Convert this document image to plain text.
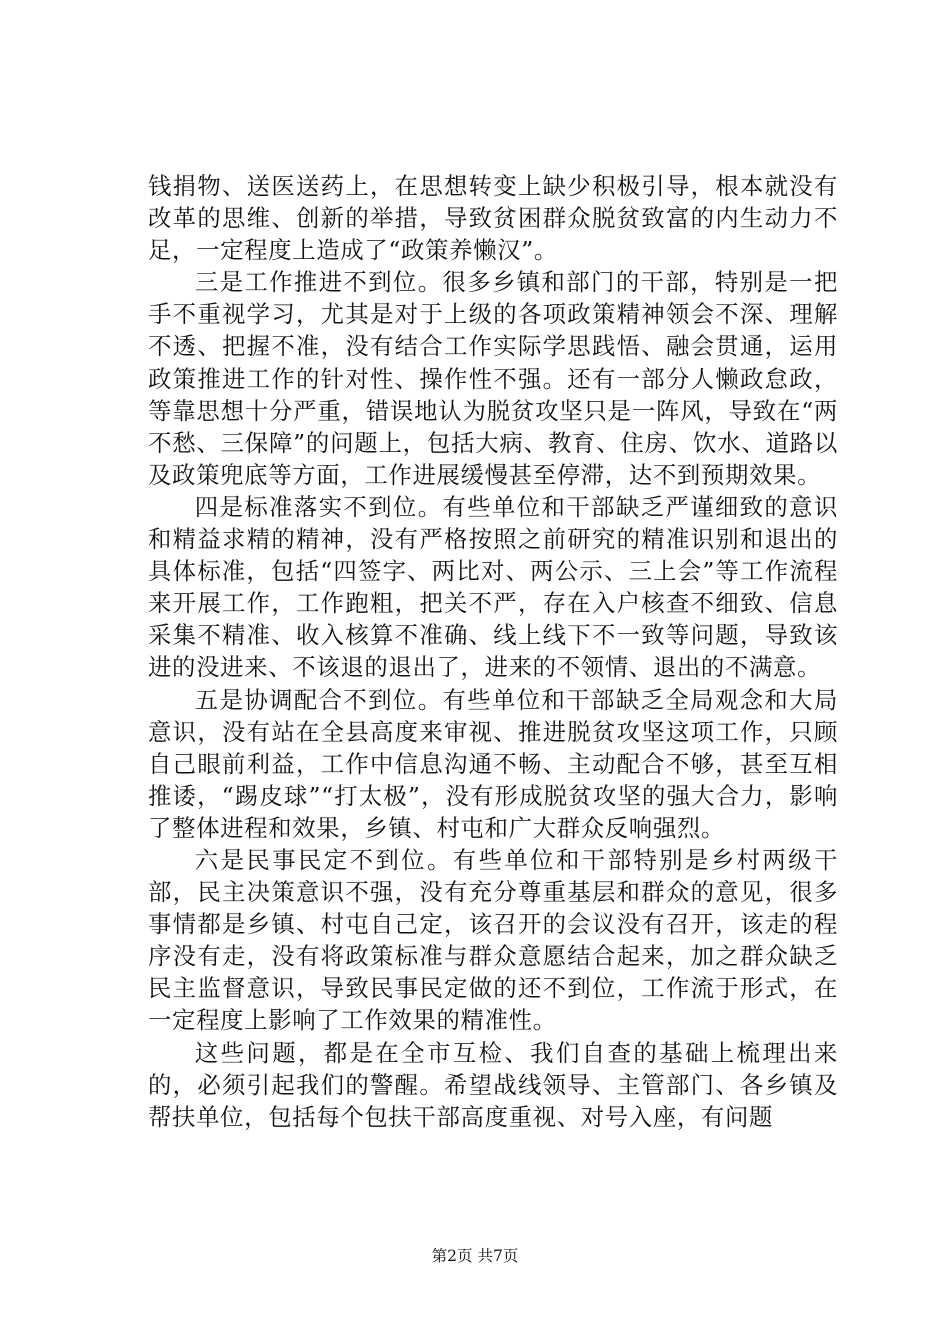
钱捐物、送医送药上，在思想转变上缺少积极引导，根本就没有改革的思维、创新的举措，导致贫困群众脱贫致富的内生动力不足，一定程度上造成了“政策养懒汉”。

三是工作推进不到位。很多乡镇和部门的干部，特别是一把手不重视学习，尤其是对于上级的各项政策精神领会不深、理解不透、把握不准，没有结合工作实际学思践悟、融会贯通，运用政策推进工作的针对性、操作性不强。还有一部分人懒政怠政，等靠思想十分严重，错误地认为脱贫攻坚只是一阵风，导致在“两不愁、三保障”的问题上，包括大病、教育、住房、饮水、道路以及政策兜底等方面，工作进展缓慢甚至停滞，达不到预期效果。

四是标准落实不到位。有些单位和干部缺乏严谨细致的意识和精益求精的精神，没有严格按照之前研究的精准识别和退出的具体标准，包括“四签字、两比对、两公示、三上会”等工作流程来开展工作，工作跑粗，把关不严，存在入户核查不细致、信息采集不精准、收入核算不准确、线上线下不一致等问题，导致该进的没进来、不该退的退出了，进来的不领情、退出的不满意。

五是协调配合不到位。有些单位和干部缺乏全局观念和大局意识，没有站在全县高度来审视、推进脱贫攻坚这项工作，只顾自己眼前利益，工作中信息沟通不畅、主动配合不够，甚至互相推诿，“踢皮球”“打太极”，没有形成脱贫攻坚的强大合力，影响了整体进程和效果，乡镇、村屯和广大群众反响强烈。

六是民事民定不到位。有些单位和干部特别是乡村两级干部，民主决策意识不强，没有充分尊重基层和群众的意见，很多事情都是乡镇、村屯自己定，该召开的会议没有召开，该走的程序没有走，没有将政策标准与群众意愿结合起来，加之群众缺乏民主监督意识，导致民事民定做的还不到位，工作流于形式，在一定程度上影响了工作效果的精准性。

这些问题，都是在全市互检、我们自查的基础上梳理出来的，必须引起我们的警醒。希望战线领导、主管部门、各乡镇及帮扶单位，包括每个包扶干部高度重视、对号入座，有问题

第2页 共7页
